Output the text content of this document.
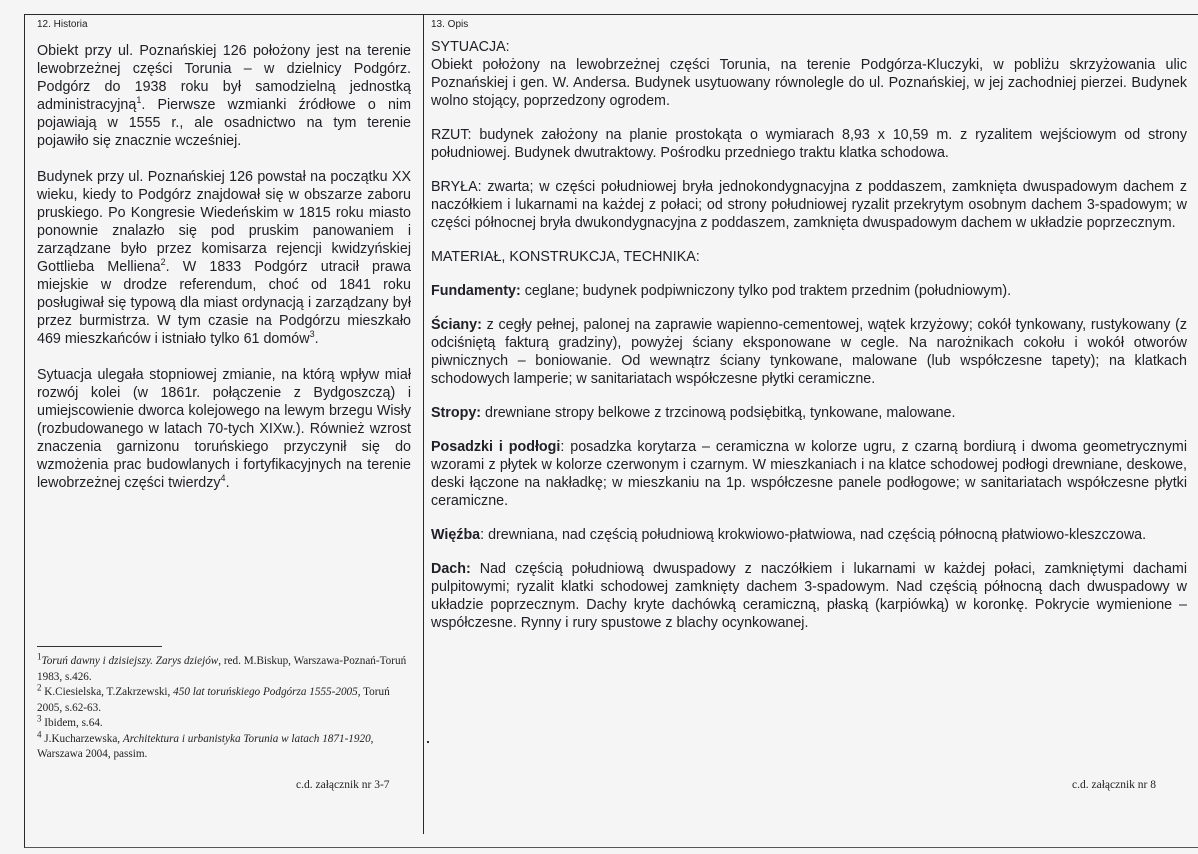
12. Historia

Obiekt przy ul. Poznańskiej 126 położony jest na terenie lewobrzeżnej części Torunia – w dzielnicy Podgórz. Podgórz do 1938 roku był samodzielną jednostką administracyjną$^1$. Pierwsze wzmianki źródłowe o nim pojawiają w 1555 r., ale osadnictwo na tym terenie pojawiło się znacznie wcześniej.

Budynek przy ul. Poznańskiej 126 powstał na początku XX wieku, kiedy to Podgórz znajdował się w obszarze zaboru pruskiego. Po Kongresie Wiedeńskim w 1815 roku miasto ponownie znalazło się pod pruskim panowaniem i zarządzane było przez komisarza rejencji kwidzyńskiej Gottlieba Melliena$^2$. W 1833 Podgórz utracił prawa miejskie w drodze referendum, choć od 1841 roku posługiwał się typową dla miast ordynacją i zarządzany był przez burmistrza. W tym czasie na Podgórzu mieszkało 469 mieszkańców i istniało tylko 61 domów$^3$.

Sytuacja ulegała stopniowej zmianie, na którą wpływ miał rozwój kolei (w 1861r. połączenie z Bydgoszczą) i umiejscowienie dworca kolejowego na lewym brzegu Wisły (rozbudowanego w latach 70-tych XIXw.). Również wzrost znaczenia garnizonu toruńskiego przyczynił się do wzmożenia prac budowlanych i fortyfikacyjnych na terenie lewobrzeżnej części twierdzy$^4$.

$^1$Toruń dawny i dzisiejszy. Zarys dziejów, red. M.Biskup, Warszawa-Poznań-Toruń 1983, s.426.
$^2$ K.Ciesielska, T.Zakrzewski, 450 lat toruńskiego Podgórza 1555-2005, Toruń 2005, s.62-63.
$^3$ Ibidem, s.64.
$^4$ J.Kucharzewska, Architektura i urbanistyka Torunia w latach 1871-1920, Warszawa 2004, passim.
c.d. załącznik nr 3-7
13. Opis

SYTUACJA:
Obiekt położony na lewobrzeżnej części Torunia, na terenie Podgórza-Kluczyki, w pobliżu skrzyżowania ulic Poznańskiej i gen. W. Andersa. Budynek usytuowany równolegle do ul. Poznańskiej, w jej zachodniej pierzei. Budynek wolno stojący, poprzedzony ogrodem.

RZUT: budynek założony na planie prostokąta o wymiarach 8,93 x 10,59 m. z ryzalitem wejściowym od strony południowej. Budynek dwutraktowy. Pośrodku przedniego traktu klatka schodowa.

BRYŁA: zwarta; w części południowej bryła jednokondygnacyjna z poddaszem, zamknięta dwuspadowym dachem z naczółkiem i lukarnami na każdej z połaci; od strony południowej ryzalit przekrytym osobnym dachem 3-spadowym; w części północnej bryła dwukondygnacyjna z poddaszem, zamknięta dwuspadowym dachem w układzie poprzecznym.

MATERIAŁ, KONSTRUKCJA, TECHNIKA:

Fundamenty: ceglane; budynek podpiwniczony tylko pod traktem przednim (południowym).

Ściany: z cegły pełnej, palonej na zaprawie wapienno-cementowej, wątek krzyżowy; cokół tynkowany, rustykowany (z odciśniętą fakturą gradziny), powyżej ściany eksponowane w cegle. Na narożnikach cokołu i wokół otworów piwnicznych – boniowanie. Od wewnątrz ściany tynkowane, malowane (lub współczesne tapety); na klatkach schodowych lamperie; w sanitariatach współczesne płytki ceramiczne.

Stropy: drewniane stropy belkowe z trzcinową podsiębitką, tynkowane, malowane.

Posadzki i podłogi: posadzka korytarza – ceramiczna w kolorze ugru, z czarną bordiurą i dwoma geometrycznymi wzorami z płytek w kolorze czerwonym i czarnym. W mieszkaniach i na klatce schodowej podłogi drewniane, deskowe, deski łączone na nakładkę; w mieszkaniu na 1p. współczesne panele podłogowe; w sanitariatach współczesne płytki ceramiczne.

Więźba: drewniana, nad częścią południową krokwiowo-płatwiowa, nad częścią północną płatwiowo-kleszczowa.

Dach: Nad częścią południową dwuspadowy z naczółkiem i lukarnami w każdej połaci, zamkniętymi dachami pulpitowymi; ryzalit klatki schodowej zamknięty dachem 3-spadowym. Nad częścią północną dach dwuspadowy w układzie poprzecznym. Dachy kryte dachówką ceramiczną, płaską (karpiówką) w koronkę. Pokrycie wymienione – współczesne. Rynny i rury spustowe z blachy ocynkowanej.

c.d. załącznik nr 8
